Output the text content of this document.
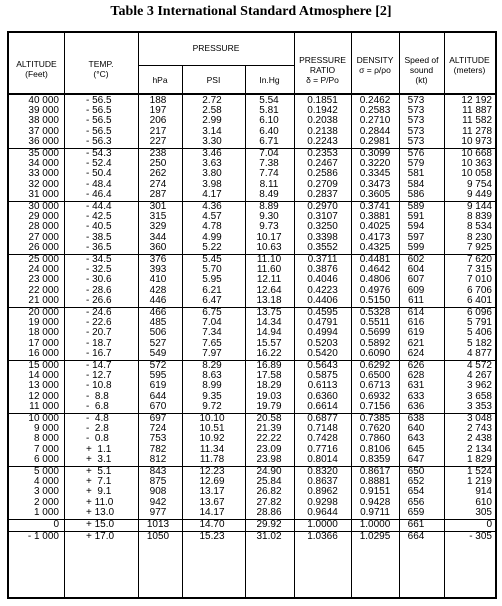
Table 3 International Standard Atmosphere [2]
ALTITUDE
(Feet)
TEMP.
(°C)
PRESSURE
hPa	PSI	In.Hg
PRESSURE
RATIO
δ = P/Po
DENSITY
σ = ρ/ρo
Speed of
sound
(kt)
ALTITUDE
(meters)
40 000	- 56.5	188	2.72	5.54	0.1851	0.2462	573	12 192
39 000	- 56.5	197	2.58	5.81	0.1942	0.2583	573	11 887
38 000	- 56.5	206	2.99	6.10	0.2038	0.2710	573	11 582
37 000	- 56.5	217	3.14	6.40	0.2138	0.2844	573	11 278
36 000	- 56.3	227	3.30	6.71	0.2243	0.2981	573	10 973
35 000	- 54.3	238	3.46	7.04	0.2353	0.3099	576	10 668
34 000	- 52.4	250	3.63	7.38	0.2467	0.3220	579	10 363
33 000	- 50.4	262	3.80	7.74	0.2586	0.3345	581	10 058
32 000	- 48.4	274	3.98	8.11	0.2709	0.3473	584	9 754
31 000	- 46.4	287	4.17	8.49	0.2837	0.3605	586	9 449
30 000	- 44.4	301	4.36	8.89	0.2970	0.3741	589	9 144
29 000	- 42.5	315	4.57	9.30	0.3107	0.3881	591	8 839
28 000	- 40.5	329	4.78	9.73	0.3250	0.4025	594	8 534
27 000	- 38.5	344	4.99	10.17	0.3398	0.4173	597	8 230
26 000	- 36.5	360	5.22	10.63	0.3552	0.4325	599	7 925
25 000	- 34.5	376	5.45	11.10	0.3711	0.4481	602	7 620
24 000	- 32.5	393	5.70	11.60	0.3876	0.4642	604	7 315
23 000	- 30.6	410	5.95	12.11	0.4046	0.4806	607	7 010
22 000	- 28.6	428	6.21	12.64	0.4223	0.4976	609	6 706
21 000	- 26.6	446	6.47	13.18	0.4406	0.5150	611	6 401
20 000	- 24.6	466	6.75	13.75	0.4595	0.5328	614	6 096
19 000	- 22.6	485	7.04	14.34	0.4791	0.5511	616	5 791
18 000	- 20.7	506	7.34	14.94	0.4994	0.5699	619	5 406
17 000	- 18.7	527	7.65	15.57	0.5203	0.5892	621	5 182
16 000	- 16.7	549	7.97	16.22	0.5420	0.6090	624	4 877
15 000	- 14.7	572	8.29	16.89	0.5643	0.6292	626	4 572
14 000	- 12.7	595	8.63	17.58	0.5875	0.6500	628	4 267
13 000	- 10.8	619	8.99	18.29	0.6113	0.6713	631	3 962
12 000	-  8.8	644	9.35	19.03	0.6360	0.6932	633	3 658
11 000	-  6.8	670	9.72	19.79	0.6614	0.7156	636	3 353
10 000	-  4.8	697	10.10	20.58	0.6877	0.7385	638	3 048
9 000	-  2.8	724	10.51	21.39	0.7148	0.7620	640	2 743
8 000	-  0.8	753	10.92	22.22	0.7428	0.7860	643	2 438
7 000	+  1.1	782	11.34	23.09	0.7716	0.8106	645	2 134
6 000	+  3.1	812	11.78	23.98	0.8014	0.8359	647	1 829
5 000	+  5.1	843	12.23	24.90	0.8320	0.8617	650	1 524
4 000	+  7.1	875	12.69	25.84	0.8637	0.8881	652	1 219
3 000	+  9.1	908	13.17	26.82	0.8962	0.9151	654	914
2 000	+ 11.0	942	13.67	27.82	0.9298	0.9428	656	610
1 000	+ 13.0	977	14.17	28.86	0.9644	0.9711	659	305
0	+ 15.0	1013	14.70	29.92	1.0000	1.0000	661	0
- 1 000	+ 17.0	1050	15.23	31.02	1.0366	1.0295	664	- 305
